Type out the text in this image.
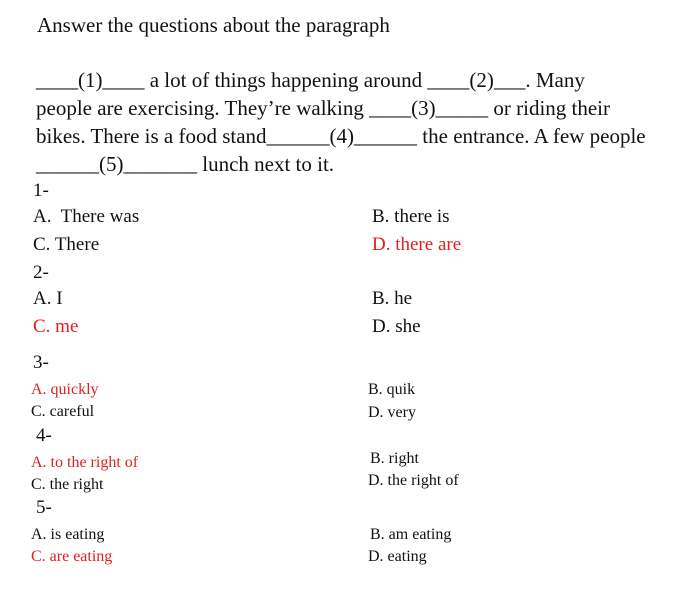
Answer the questions about the paragraph
____(1)____ a lot of things happening around ____(2)___. Many
people are exercising. They’re walking ____(3)_____ or riding their
bikes. There is a food stand______(4)______ the entrance. A few people
______(5)_______ lunch next to it.
1-
A.  There was	B. there is
C. There	D. there are
2-
A. I	B. he
C. me	D. she
3-
A. quickly	B. quik
C. careful	D. very
4-
A. to the right of	B. right
C. the right	D. the right of
5-
A. is eating	B. am eating
C. are eating	D. eating
